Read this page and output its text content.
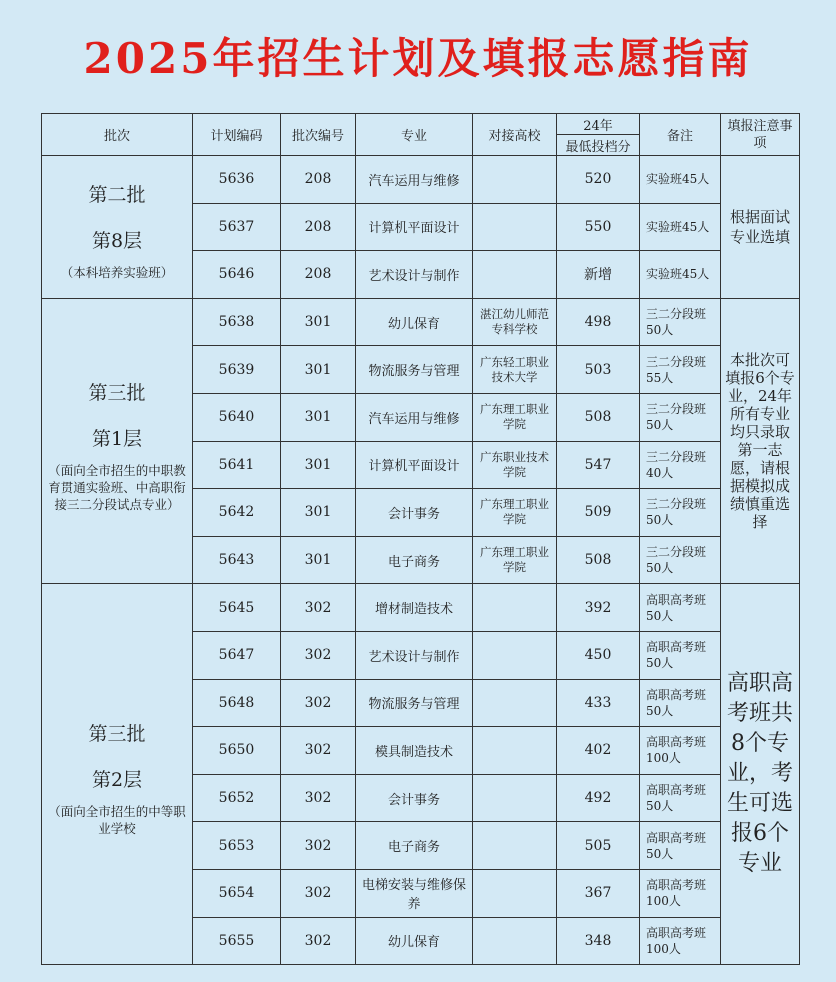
2025年招生计划及填报志愿指南
批次	计划编码	批次编号	专业	对接高校	24年	备注	填报注意事项
					最低投档分		

第二批
第8层
（本科培养实验班）	5636	208	汽车运用与维修		520	实验班45人	根据面试专业选填
	5637	208	计算机平面设计		550	实验班45人	
	5646	208	艺术设计与制作		新增	实验班45人	

第三批
第1层
（面向全市招生的中职教育贯通实验班、中高职衔接三二分段试点专业）	5638	301	幼儿保育	湛江幼儿师范专科学校	498	三二分段班 50人	本批次可填报6个专业，24年所有专业均只录取第一志愿，请根据模拟成绩慎重选择
	5639	301	物流服务与管理	广东轻工职业技术大学	503	三二分段班 55人	
	5640	301	汽车运用与维修	广东理工职业学院	508	三二分段班 50人	
	5641	301	计算机平面设计	广东职业技术学院	547	三二分段班 40人	
	5642	301	会计事务	广东理工职业学院	509	三二分段班 50人	
	5643	301	电子商务	广东理工职业学院	508	三二分段班 50人	

第三批
第2层
（面向全市招生的中等职业学校	5645	302	增材制造技术		392	高职高考班 50人	高职高考班共8个专业，考生可选报6个专业
	5647	302	艺术设计与制作		450	高职高考班 50人	
	5648	302	物流服务与管理		433	高职高考班 50人	
	5650	302	模具制造技术		402	高职高考班 100人	
	5652	302	会计事务		492	高职高考班 50人	
	5653	302	电子商务		505	高职高考班 50人	
	5654	302	电梯安装与维修保养		367	高职高考班 100人	
	5655	302	幼儿保育		348	高职高考班 100人	
